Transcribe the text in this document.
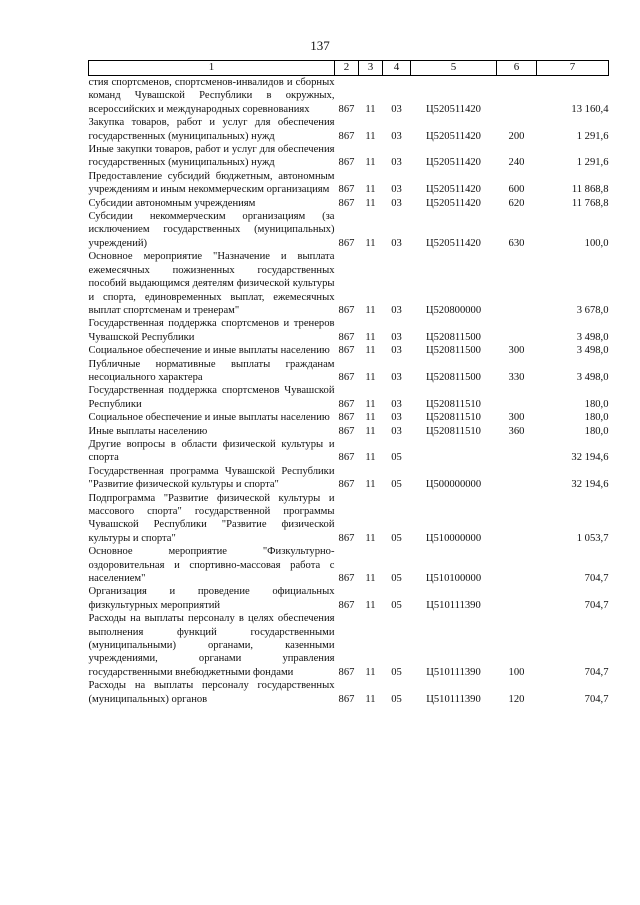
137
1	2	3	4	5	6	7
стия спортсменов, спортсменов-инвалидов и сборных команд Чувашской Республики в окружных, всероссийских и международных соревнованиях	867	11	03	Ц520511420		13 160,4
Закупка товаров, работ и услуг для обеспечения государственных (муниципальных) нужд	867	11	03	Ц520511420	200	1 291,6
Иные закупки товаров, работ и услуг для обеспечения государственных (муниципальных) нужд	867	11	03	Ц520511420	240	1 291,6
Предоставление субсидий бюджетным, автономным учреждениям и иным некоммерческим организациям	867	11	03	Ц520511420	600	11 868,8
Субсидии автономным учреждениям	867	11	03	Ц520511420	620	11 768,8
Субсидии некоммерческим организациям (за исключением государственных (муниципальных) учреждений)	867	11	03	Ц520511420	630	100,0
Основное мероприятие "Назначение и выплата ежемесячных пожизненных государственных пособий выдающимся деятелям физической культуры и спорта, единовременных выплат, ежемесячных выплат спортсменам и тренерам"	867	11	03	Ц520800000		3 678,0
Государственная поддержка спортсменов и тренеров Чувашской Республики	867	11	03	Ц520811500		3 498,0
Социальное обеспечение и иные выплаты населению	867	11	03	Ц520811500	300	3 498,0
Публичные нормативные выплаты гражданам несоциального характера	867	11	03	Ц520811500	330	3 498,0
Государственная поддержка спортсменов Чувашской Республики	867	11	03	Ц520811510		180,0
Социальное обеспечение и иные выплаты населению	867	11	03	Ц520811510	300	180,0
Иные выплаты населению	867	11	03	Ц520811510	360	180,0
Другие вопросы в области физической культуры и спорта	867	11	05			32 194,6
Государственная программа Чувашской Республики "Развитие физической культуры и спорта"	867	11	05	Ц500000000		32 194,6
Подпрограмма "Развитие физической культуры и массового спорта" государственной программы Чувашской Республики "Развитие физической культуры и спорта"	867	11	05	Ц510000000		1 053,7
Основное мероприятие "Физкультурно-оздоровительная и спортивно-массовая работа с населением"	867	11	05	Ц510100000		704,7
Организация и проведение официальных физкультурных мероприятий	867	11	05	Ц510111390		704,7
Расходы на выплаты персоналу в целях обеспечения выполнения функций государственными (муниципальными) органами, казенными учреждениями, органами управления государственными внебюджетными фондами	867	11	05	Ц510111390	100	704,7
Расходы на выплаты персоналу государственных (муниципальных) органов	867	11	05	Ц510111390	120	704,7
